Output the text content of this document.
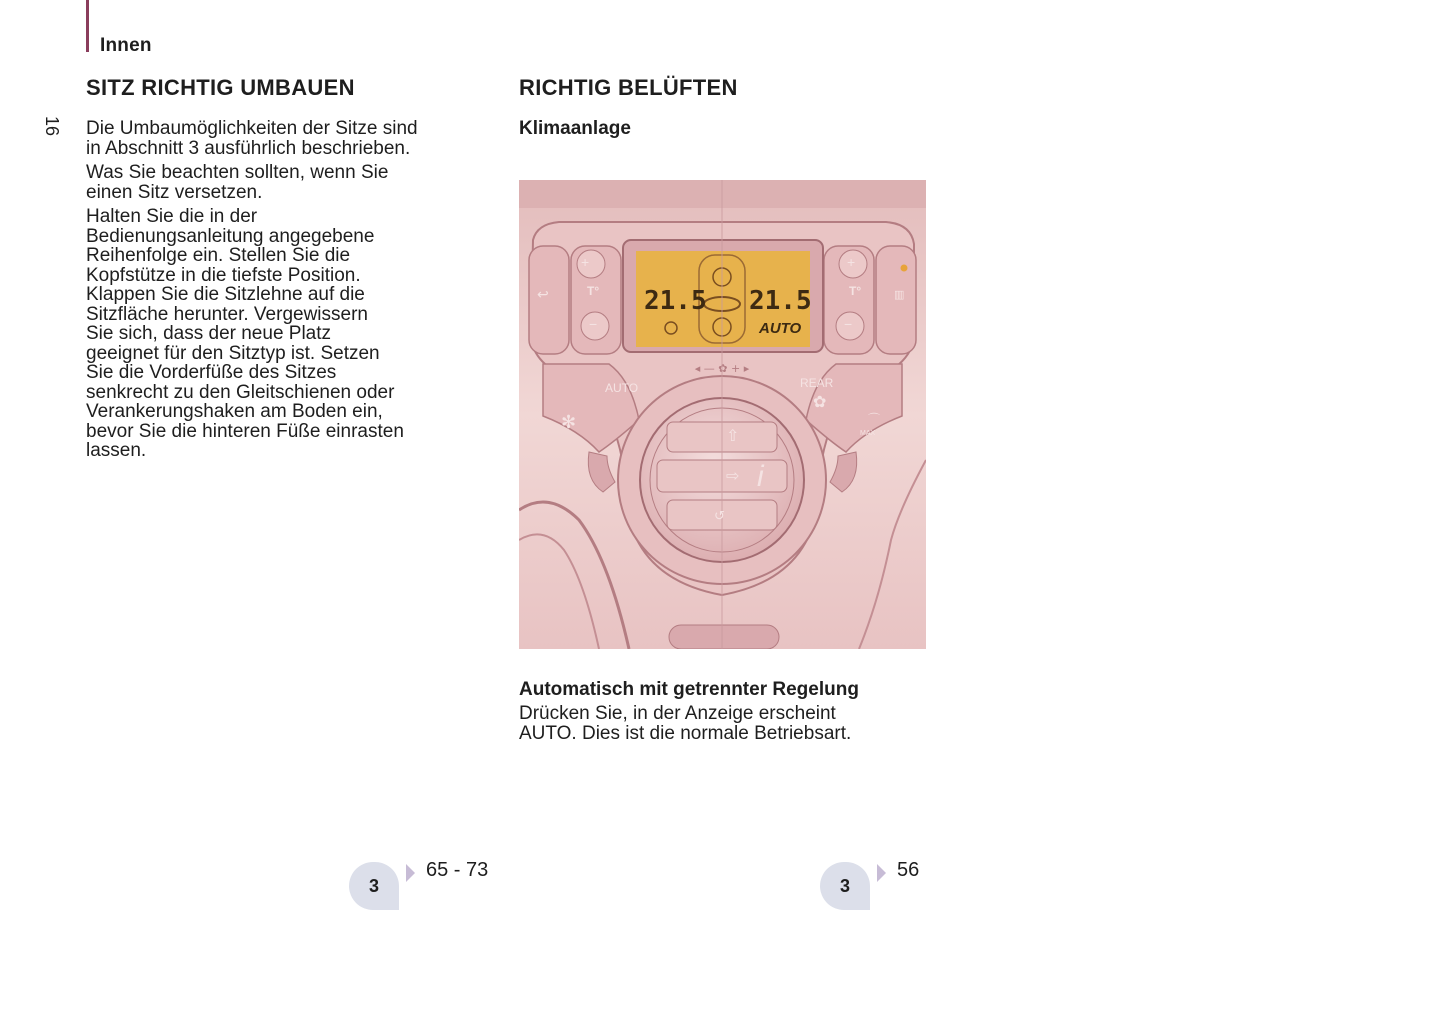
Innen
16
SITZ RICHTIG UMBAUEN

Die Umbaumöglichkeiten der Sitze sind
in Abschnitt 3 ausführlich beschrieben.

Was Sie beachten sollten, wenn Sie
einen Sitz versetzen.

Halten Sie die in der
Bedienungsanleitung angegebene
Reihenfolge ein. Stellen Sie die
Kopfstütze in die tiefste Position.
Klappen Sie die Sitzlehne auf die
Sitzfläche herunter. Vergewissern
Sie sich, dass der neue Platz
geeignet für den Sitztyp ist. Setzen
Sie die Vorderfüße des Sitzes
senkrecht zu den Gleitschienen oder
Verankerungshaken am Boden ein,
bevor Sie die hinteren Füße einrasten
lassen.

3
65 - 73
RICHTIG BELÜFTEN
Klimaanlage
◂ — ✿ + ▸
+
−
+
−
T°	T°
↩	▥
21.5 21.5
AUTO
AUTO	REAR
MAX
✻
✿
⌒
⇧
⇨
↺
i
Automatisch mit getrennter Regelung
Drücken Sie, in der Anzeige erscheint
AUTO. Dies ist die normale Betriebsart.
3
56
